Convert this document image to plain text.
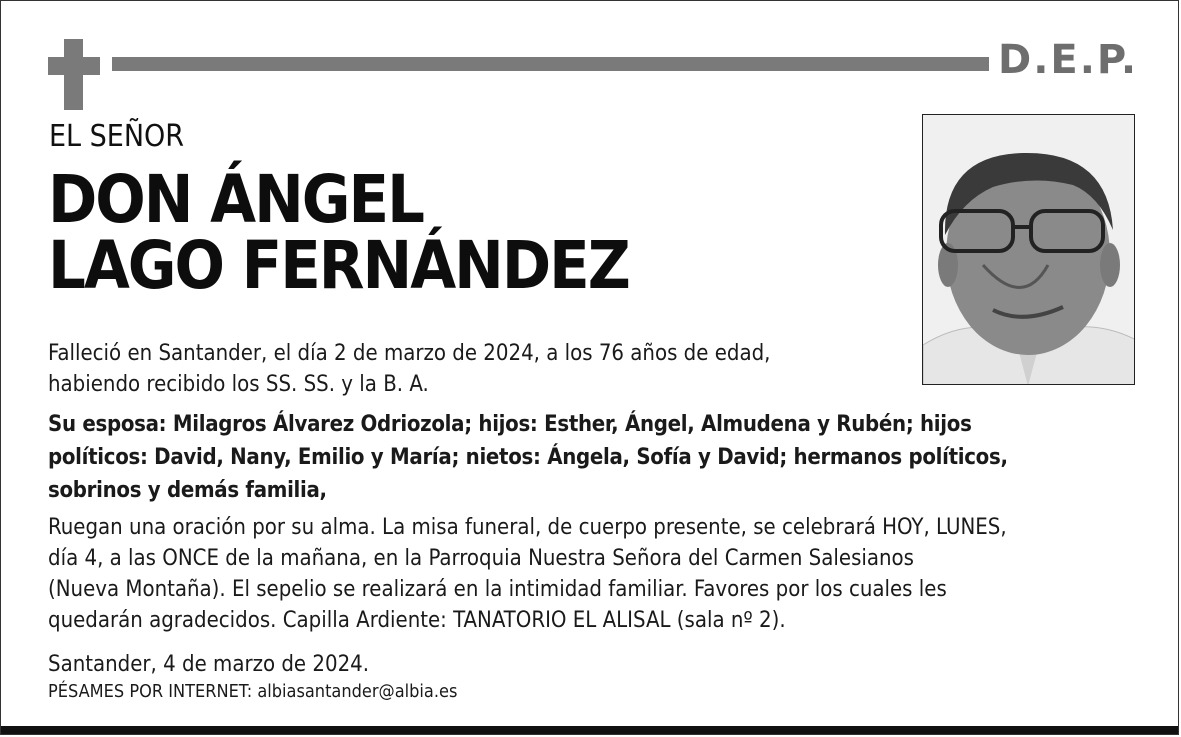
D.E.P.
EL SEÑOR
DON ÁNGEL
LAGO FERNÁNDEZ
Falleció en Santander, el día 2 de marzo de 2024, a los 76 años de edad,
habiendo recibido los SS. SS. y la B. A.
Su esposa: Milagros Álvarez Odriozola; hijos: Esther, Ángel, Almudena y Rubén; hijos
políticos: David, Nany, Emilio y María; nietos: Ángela, Sofía y David; hermanos políticos,
sobrinos y demás familia,
Ruegan una oración por su alma. La misa funeral, de cuerpo presente, se celebrará HOY, LUNES,
día 4, a las ONCE de la mañana, en la Parroquia Nuestra Señora del Carmen Salesianos
(Nueva Montaña). El sepelio se realizará en la intimidad familiar. Favores por los cuales les
quedarán agradecidos. Capilla Ardiente: TANATORIO EL ALISAL (sala nº 2).
Santander, 4 de marzo de 2024.
PÉSAMES POR INTERNET: albiasantander@albia.es
